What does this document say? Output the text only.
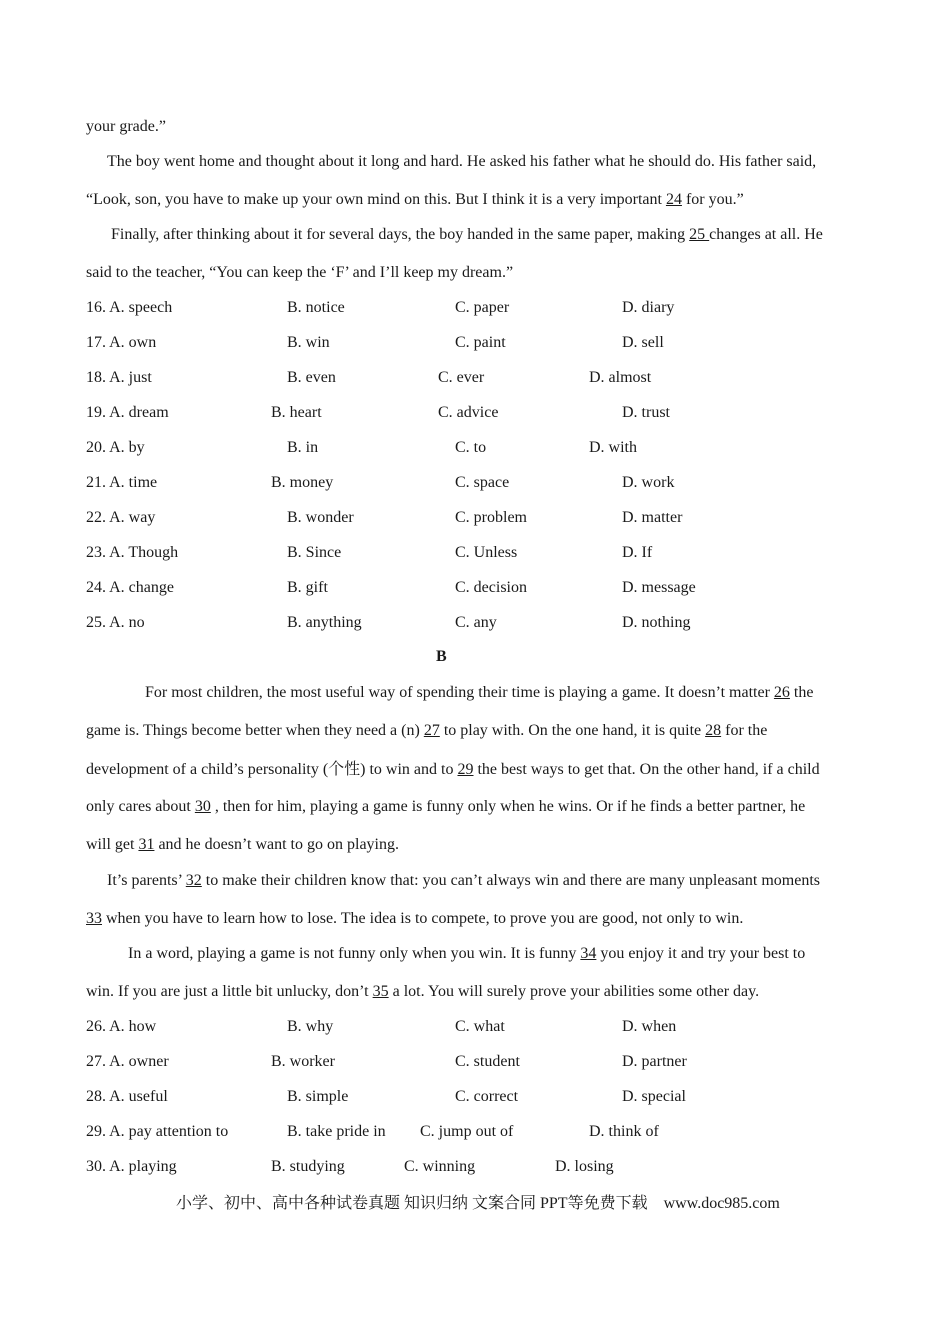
your grade.”
The boy went home and thought about it long and hard. He asked his father what he should do. His father said,
“Look, son, you have to make up your own mind on this. But I think it is a very important 24 for you.”
Finally, after thinking about it for several days, the boy handed in the same paper, making 25 changes at all. He
said to the teacher, “You can keep the ‘F’ and I’ll keep my dream.”
16. A. speech	B. notice	C. paper	D. diary
17. A. own	B. win	C. paint	D. sell
18. A. just	B. even	C. ever	D. almost
19. A. dream	B. heart	C. advice	D. trust
20. A. by	B. in	C. to	D. with
21. A. time	B. money	C. space	D. work
22. A. way	B. wonder	C. problem	D. matter
23. A. Though	B. Since	C. Unless	D. If
24. A. change	B. gift	C. decision	D. message
25. A. no	B. anything	C. any	D. nothing
B
For most children, the most useful way of spending their time is playing a game. It doesn’t matter 26 the
game is. Things become better when they need a (n) 27 to play with. On the one hand, it is quite 28 for the
development of a child’s personality (个性) to win and to 29 the best ways to get that. On the other hand, if a child
only cares about 30 , then for him, playing a game is funny only when he wins. Or if he finds a better partner, he
will get 31 and he doesn’t want to go on playing.
It’s parents’ 32 to make their children know that: you can’t always win and there are many unpleasant moments
33 when you have to learn how to lose. The idea is to compete, to prove you are good, not only to win.
In a word, playing a game is not funny only when you win. It is funny 34 you enjoy it and try your best to
win. If you are just a little bit unlucky, don’t 35 a lot. You will surely prove your abilities some other day.
26. A. how	B. why	C. what	D. when
27. A. owner	B. worker	C. student	D. partner
28. A. useful	B. simple	C. correct	D. special
29. A. pay attention to	B. take pride in C. jump out of	D. think of
30. A. playing	B. studying	C. winning	D. losing
小学、初中、高中各种试卷真题 知识归纳 文案合同 PPT等免费下载　www.doc985.com
